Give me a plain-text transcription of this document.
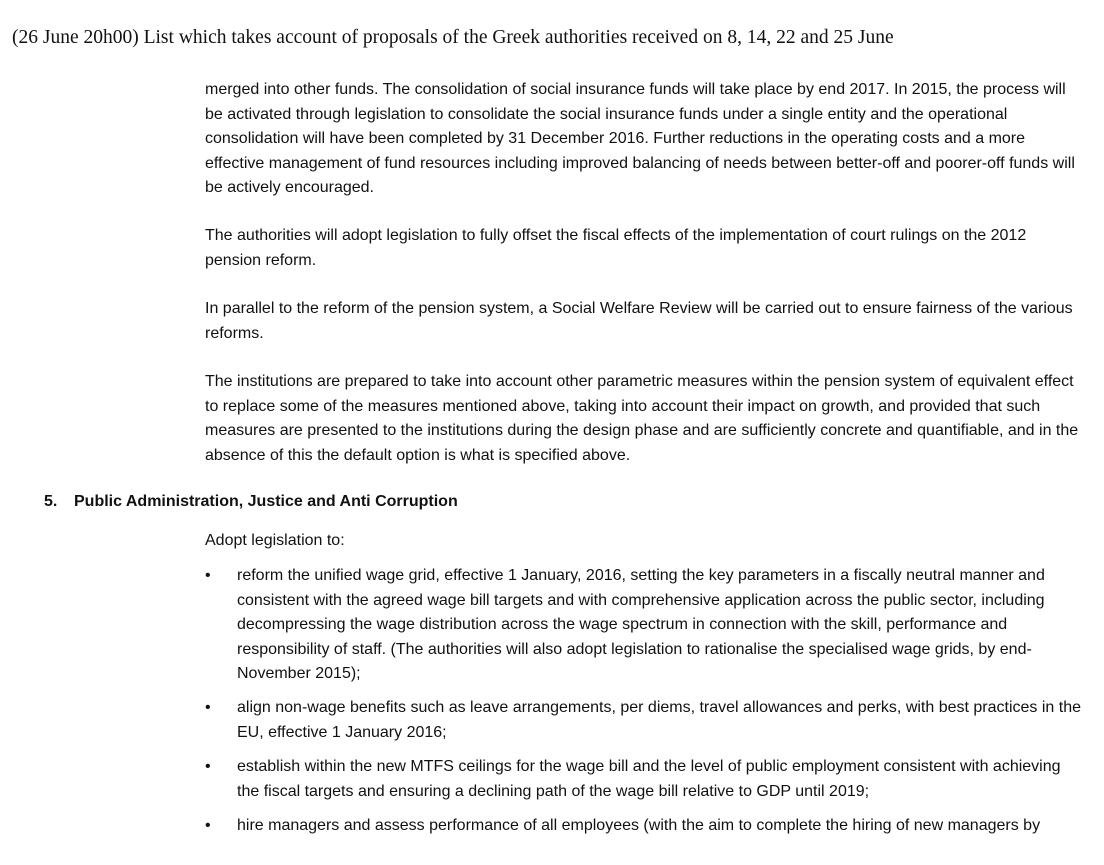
(26 June 20h00) List which takes account of proposals of the Greek authorities received on 8, 14, 22 and 25 June
merged into other funds. The consolidation of social insurance funds will take place by end 2017. In 2015, the process will be activated through legislation to consolidate the social insurance funds under a single entity and the operational consolidation will have been completed by 31 December 2016. Further reductions in the operating costs and a more effective management of fund resources including improved balancing of needs between better-off and poorer-off funds will be actively encouraged.
The authorities will adopt legislation to fully offset the fiscal effects of the implementation of court rulings on the 2012 pension reform.
In parallel to the reform of the pension system, a Social Welfare Review will be carried out to ensure fairness of the various reforms.
The institutions are prepared to take into account other parametric measures within the pension system of equivalent effect to replace some of the measures mentioned above, taking into account their impact on growth, and provided that such measures are presented to the institutions during the design phase and are sufficiently concrete and quantifiable, and in the absence of this the default option is what is specified above.
5. Public Administration, Justice and Anti Corruption
Adopt legislation to:
•	reform the unified wage grid, effective 1 January, 2016, setting the key parameters in a fiscally neutral manner and consistent with the agreed wage bill targets and with comprehensive application across the public sector, including decompressing the wage distribution across the wage spectrum in connection with the skill, performance and responsibility of staff. (The authorities will also adopt legislation to rationalise the specialised wage grids, by end-November 2015);
•	align non-wage benefits such as leave arrangements, per diems, travel allowances and perks, with best practices in the EU, effective 1 January 2016;
•	establish within the new MTFS ceilings for the wage bill and the level of public employment consistent with achieving the fiscal targets and ensuring a declining path of the wage bill relative to GDP until 2019;
•	hire managers and assess performance of all employees (with the aim to complete the hiring of new managers by
